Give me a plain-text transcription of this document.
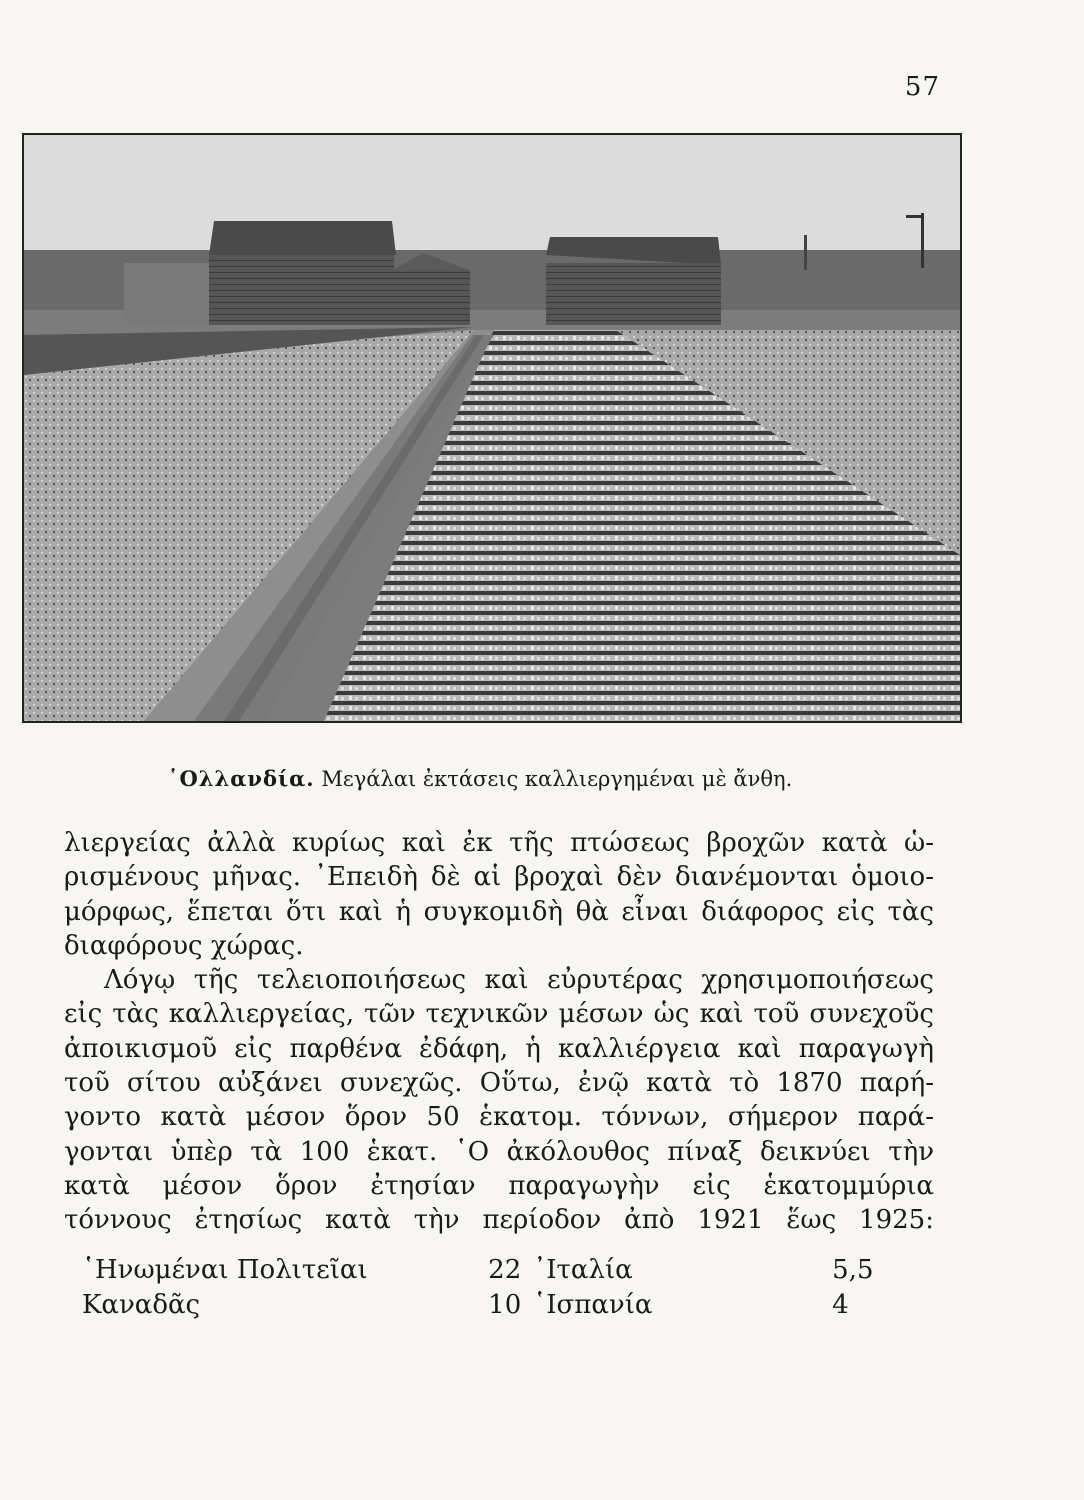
57
῾Ολλανδία. Μεγάλαι ἐκτάσεις καλλιεργημέναι μὲ ἄνθη.
λιεργείας ἀλλὰ κυρίως καὶ ἐκ τῆς πτώσεως βροχῶν κατὰ ὡ-
ρισμένους μῆνας. ᾿Επειδὴ δὲ αἱ βροχαὶ δὲν διανέμονται ὁμοιο-
μόρφως, ἕπεται ὅτι καὶ ἡ συγκομιδὴ θὰ εἶναι διάφορος εἰς τὰς
διαφόρους χώρας.
Λόγῳ τῆς τελειοποιήσεως καὶ εὐρυτέρας χρησιμοποιήσεως
εἰς τὰς καλλιεργείας, τῶν τεχνικῶν μέσων ὡς καὶ τοῦ συνεχοῦς
ἀποικισμοῦ εἰς παρθένα ἐδάφη, ἡ καλλιέργεια καὶ παραγωγὴ
τοῦ σίτου αὐξάνει συνεχῶς. Οὕτω, ἐνῷ κατὰ τὸ 1870 παρή-
γοντο κατὰ μέσον ὅρον 50 ἑκατομ. τόννων, σήμερον παρά-
γονται ὑπὲρ τὰ 100 ἑκατ. ῾Ο ἀκόλουθος πίναξ δεικνύει τὴν
κατὰ μέσον ὅρον ἐτησίαν παραγωγὴν εἰς ἑκατομμύρια
τόννους ἐτησίως κατὰ τὴν περίοδον ἀπὸ 1921 ἕως 1925:
῾Ηνωμέναι Πολιτεῖαι	22	᾿Ιταλία	5,5
Καναδᾶς	10	῾Ισπανία	4
